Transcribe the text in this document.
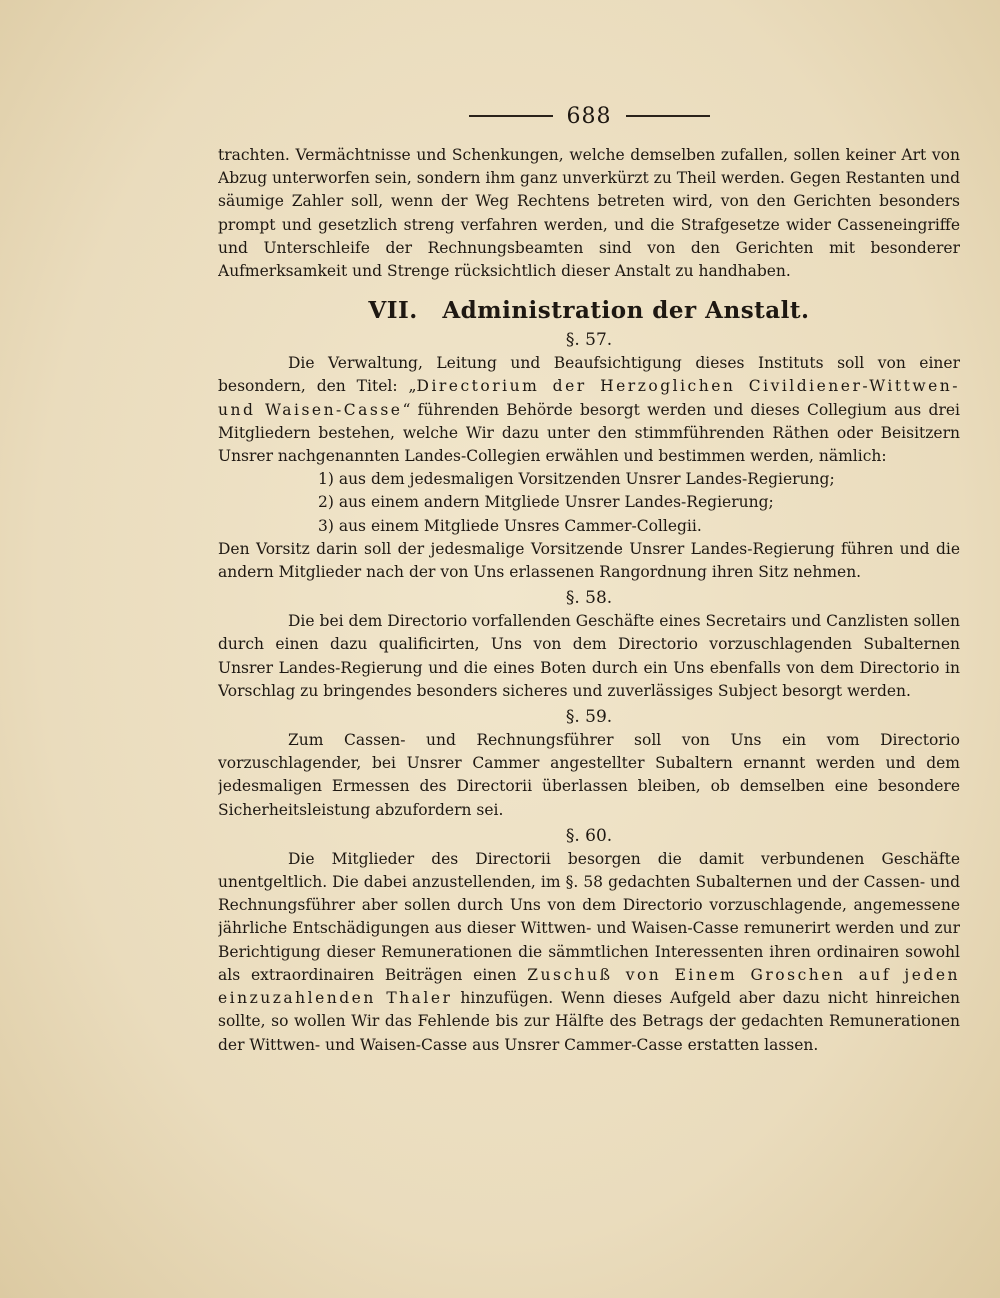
688

trachten. Vermächtnisse und Schenkungen, welche demselben zufallen, sollen keiner Art von Abzug unterworfen sein, sondern ihm ganz unverkürzt zu Theil werden. Gegen Restanten und säumige Zahler soll, wenn der Weg Rechtens betreten wird, von den Gerichten besonders prompt und gesetzlich streng verfahren werden, und die Strafgesetze wider Casseneingriffe und Unterschleife der Rechnungsbeamten sind von den Gerichten mit besonderer Aufmerksamkeit und Strenge rücksichtlich dieser Anstalt zu handhaben.

VII. Administration der Anstalt.
§. 57.

Die Verwaltung, Leitung und Beaufsichtigung dieses Instituts soll von einer besondern, den Titel: „Directorium der Herzoglichen Civildiener-Wittwen- und Waisen-Casse“ führenden Behörde besorgt werden und dieses Collegium aus drei Mitgliedern bestehen, welche Wir dazu unter den stimmführenden Räthen oder Beisitzern Unsrer nachgenannten Landes-Collegien erwählen und bestimmen werden, nämlich:

1) aus dem jedesmaligen Vorsitzenden Unsrer Landes-Regierung;
2) aus einem andern Mitgliede Unsrer Landes-Regierung;
3) aus einem Mitgliede Unsres Cammer-Collegii.

Den Vorsitz darin soll der jedesmalige Vorsitzende Unsrer Landes-Regierung führen und die andern Mitglieder nach der von Uns erlassenen Rangordnung ihren Sitz nehmen.

§. 58.

Die bei dem Directorio vorfallenden Geschäfte eines Secretairs und Canzlisten sollen durch einen dazu qualificirten, Uns von dem Directorio vorzuschlagenden Subalternen Unsrer Landes-Regierung und die eines Boten durch ein Uns ebenfalls von dem Directorio in Vorschlag zu bringendes besonders sicheres und zuverlässiges Subject besorgt werden.

§. 59.

Zum Cassen- und Rechnungsführer soll von Uns ein vom Directorio vorzuschlagender, bei Unsrer Cammer angestellter Subaltern ernannt werden und dem jedesmaligen Ermessen des Directorii überlassen bleiben, ob demselben eine besondere Sicherheitsleistung abzufordern sei.

§. 60.

Die Mitglieder des Directorii besorgen die damit verbundenen Geschäfte unentgeltlich. Die dabei anzustellenden, im §. 58 gedachten Subalternen und der Cassen- und Rechnungsführer aber sollen durch Uns von dem Directorio vorzuschlagende, angemessene jährliche Entschädigungen aus dieser Wittwen- und Waisen-Casse remunerirt werden und zur Berichtigung dieser Remunerationen die sämmtlichen Interessenten ihren ordinairen sowohl als extraordinairen Beiträgen einen Zuschuß von Einem Groschen auf jeden einzuzahlenden Thaler hinzufügen. Wenn dieses Aufgeld aber dazu nicht hinreichen sollte, so wollen Wir das Fehlende bis zur Hälfte des Betrags der gedachten Remunerationen der Wittwen- und Waisen-Casse aus Unsrer Cammer-Casse erstatten lassen.
